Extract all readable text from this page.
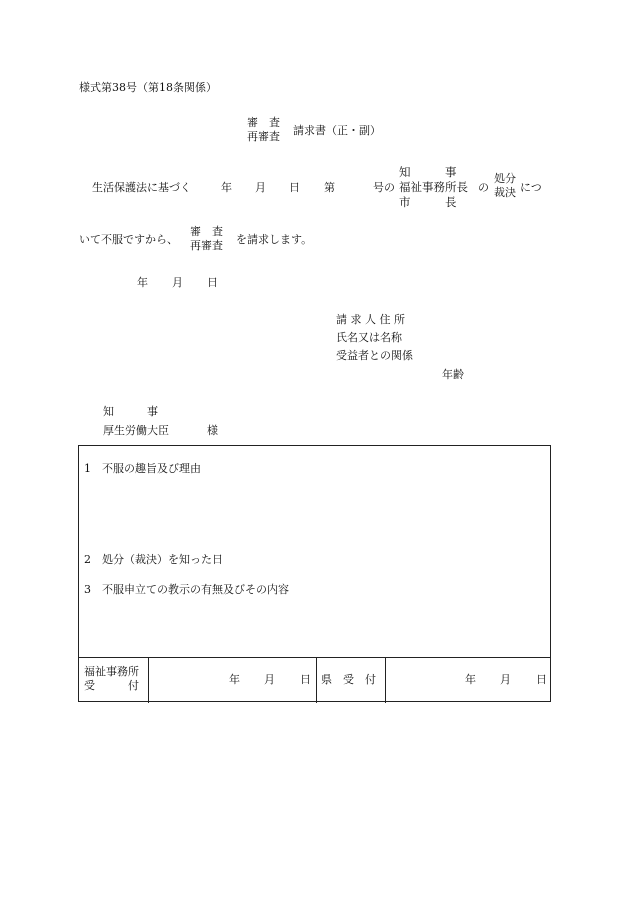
様式第38号（第18条関係）
審　査
再審査 請求書（正・副）
生活保護法に基づく	年 月 日 第	号の
知　　　事
福祉事務所長
市　　　長
の
処分
裁決 につ
いて不服ですから、
審　査
再審査 を請求します。
年 月 日
請 求 人 住 所
氏名又は名称
受益者との関係
年齢
知　　　事
厚生労働大臣	様
1　不服の趣旨及び理由
2　処分（裁決）を知った日
3　不服申立ての教示の有無及びその内容
福祉事務所
受　　　付	年 月 日 県　受　付	年 月 日
